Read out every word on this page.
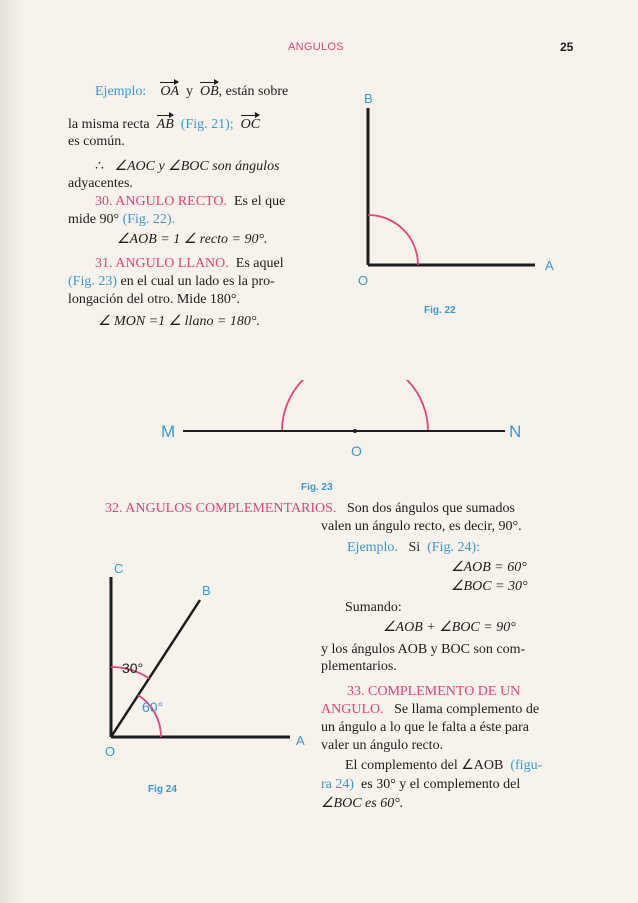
ANGULOS	25
Ejemplo: OA y OB, están sobre
la misma recta AB (Fig. 21); OC
es común.
∴ ∠AOC y ∠BOC son ángulos
adyacentes.
30. ANGULO RECTO. Es el que
mide 90° (Fig. 22).
∠AOB = 1 ∠ recto = 90°.
31. ANGULO LLANO. Es aquel
(Fig. 23) en el cual un lado es la pro-
longación del otro. Mide 180°.
∠ MON =1 ∠ llano = 180°.
B
O
A
Fig. 22
M
O
N
Fig. 23
32. ANGULOS COMPLEMENTARIOS. Son dos ángulos que sumados
valen un ángulo recto, es decir, 90°.
Ejemplo. Si (Fig. 24):
∠AOB = 60°
∠BOC = 30°
Sumando:
∠AOB + ∠BOC = 90°
y los ángulos AOB y BOC son com-
plementarios.
33. COMPLEMENTO DE UN
ANGULO. Se llama complemento de
un ángulo a lo que le falta a éste para
valer un ángulo recto.
El complemento del ∠AOB (figu-
ra 24) es 30° y el complemento del
∠BOC es 60°.
C
B
O
A
30°
60°
Fig 24
